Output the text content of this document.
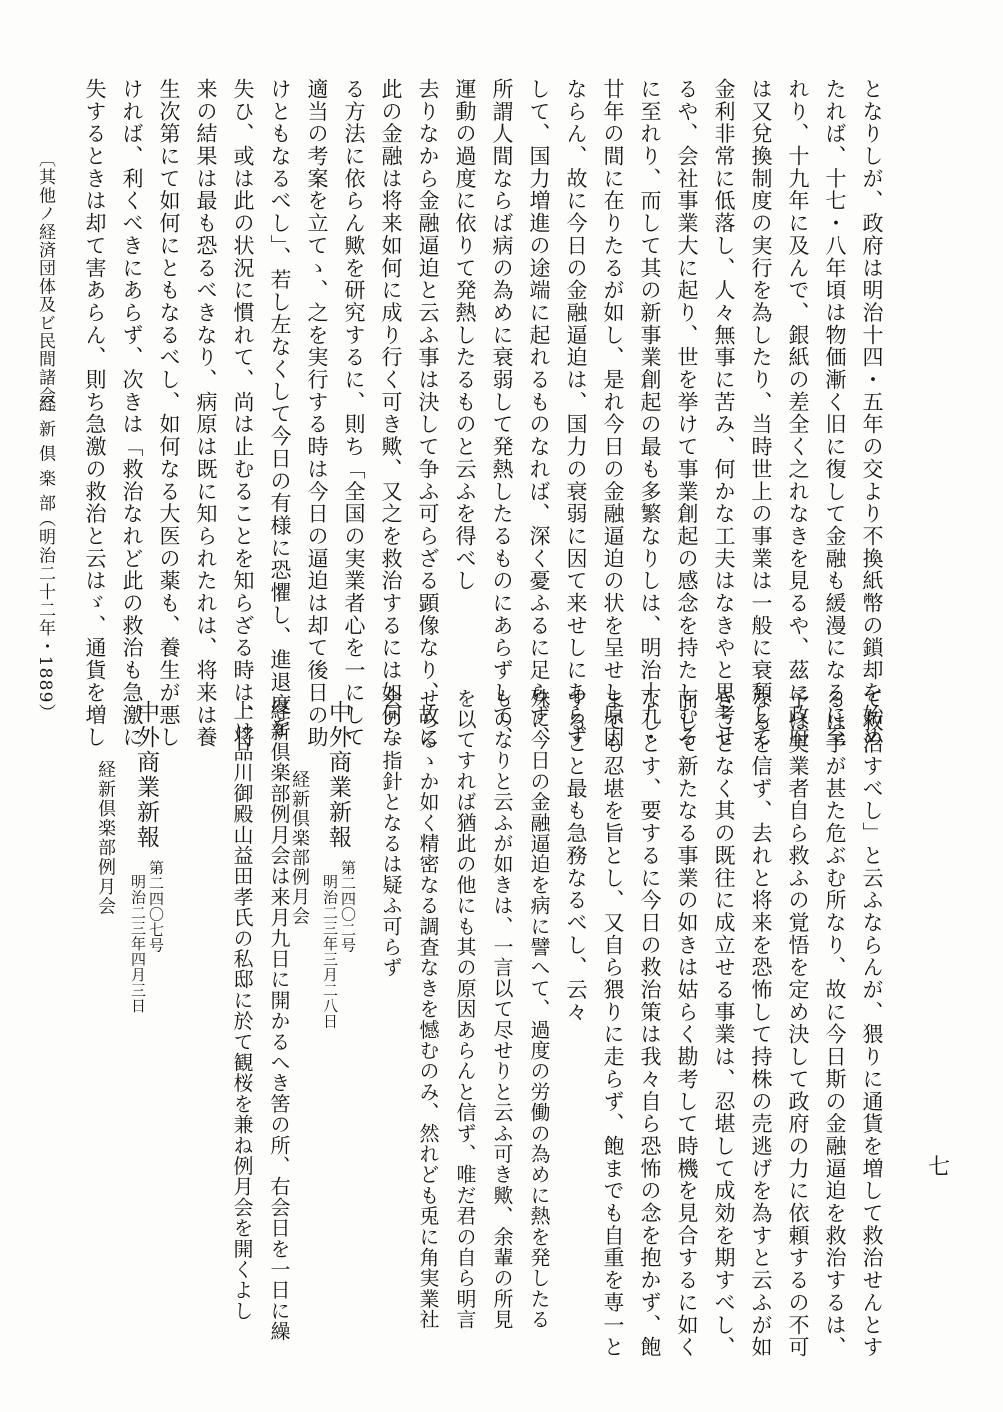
となりしが、政府は明治十四・五年の交より不換紙幣の鎖却を始め
たれば、十七・八年頃は物価漸く旧に復して金融も緩漫になるに至
れり、十九年に及んで、銀紙の差全く之れなきを見るや、茲に政府
は又兌換制度の実行を為したり、当時世上の事業は一般に衰頽して
金利非常に低落し、人々無事に苦み、何かな工夫はなきやと思考せ
るや、会社事業大に起り、世を挙けて事業創起の感念を持たしむる
に至れり、而して其の新事業創起の最も多繁なりしは、明治十九・
廿年の間に在りたるが如し、是れ今日の金融逼迫の状を呈せし原因
ならん、故に今日の金融逼迫は、国力の衰弱に因て来せしにあらず
して、国力増進の途端に起れるものなれば、深く憂ふるに足らず、
所謂人間ならば病の為めに衰弱して発熱したるものにあらずして、
運動の過度に依りて発熱したるものと云ふを得べし
去りなから金融逼迫と云ふ事は決して争ふ可らざる顕像なり、故に
此の金融は将来如何に成り行く可き歟、又之を救治するには如何な
る方法に依らん歟を研究するに、則ち「全国の実業者心を一にして
適当の考案を立てゝ、之を実行する時は今日の逼迫は却て後日の助
けともなるべし」、若し左なくして今日の有様に恐懼し、進退度を
失ひ、或は此の状況に慣れて、尚は止むることを知らざる時は、将
来の結果は最も恐るべきなり、病原は既に知られたれは、将来は養
生次第にて如何にともなるべし、如何なる大医の薬も、養生が悪し
ければ、利くべきにあらず、次きは「救治なれど此の救治も急激に
失するときは却て害あらん、則ち急激の救治と云はゞ、通貨を増し
〔其他ノ経済団体及ビ民間諸会〕
経 新 倶 楽 部
（明治二十二年・1889）
て救治すべし」と云ふならんが、猥りに通貨を増して救治せんとす
るは予が甚た危ぶむ所なり、故に今日斯の金融逼迫を救治するは、
予は実業者自ら救ふの覚悟を定め決して政府の力に依頼するの不可
なるを信ず、去れと将来を恐怖して持株の売逃げを為すと云ふが如
きことなく其の既往に成立せる事業は、忍堪して成効を期すべし、
而して新たなる事業の如きは姑らく勘考して時機を見合するに如く
なしとす、要するに今日の救治策は我々自ら恐怖の念を抱かず、飽
までも忍堪を旨とし、又自ら猥りに走らず、飽までも自重を専一と
すること最も急務なるべし、云々
殊に今日の金融逼迫を病に譬へて、過度の労働の為めに熱を発したる
ものなりと云ふが如きは、一言以て尽せりと云ふ可き歟、余輩の所見
を以てすれば猶此の他にも其の原因あらんと信ず、唯だ君の自ら明言
せらるゝか如く精密なる調査なきを憾むのみ、然れども兎に角実業社
会の一指針となるは疑ふ可らず
中外商業新報
第二四〇二号
明治二三年三月二八日
経新倶楽部例月会
経新倶楽部例月会は来月九日に開かるへき筈の所、右会日を一日に繰
上け品川御殿山益田孝氏の私邸に於て観桜を兼ね例月会を開くよし
中外商業新報
第二四〇七号
明治二三年四月三日
経新倶楽部例月会
七
